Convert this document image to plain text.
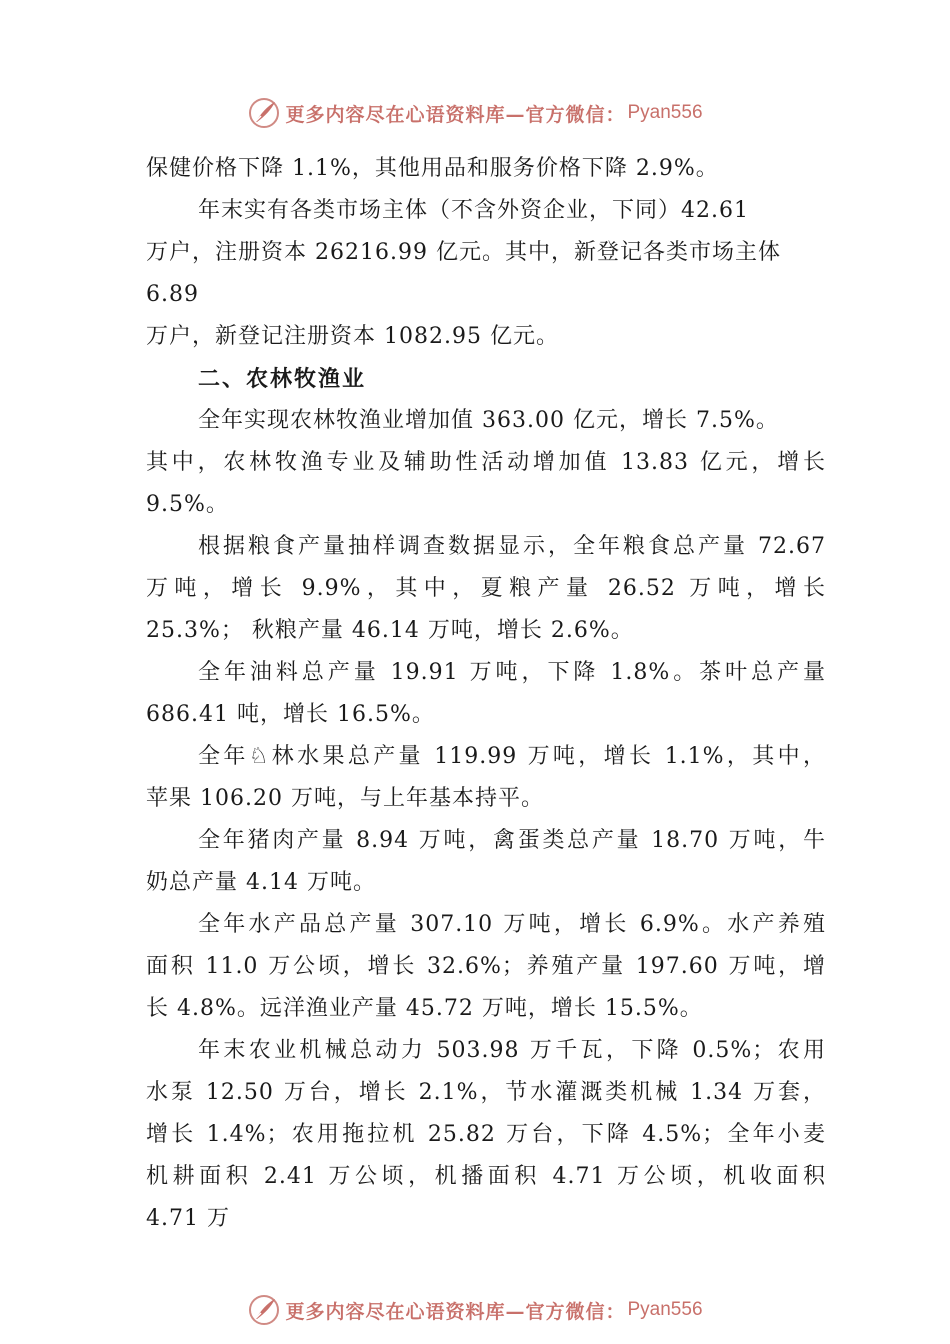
更多内容尽在心语资料库—官方微信： Pyan556
保健价格下降 1.1%，其他用品和服务价格下降 2.9%。
年末实有各类市场主体（不含外资企业，下同）42.61
万户，注册资本 26216.99 亿元。其中，新登记各类市场主体
6.89
万户，新登记注册资本 1082.95 亿元。
二、农林牧渔业
全年实现农林牧渔业增加值 363.00 亿元，增长 7.5%。
其中，农林牧渔专业及辅助性活动增加值 13.83 亿元，增长
9.5%。
根据粮食产量抽样调查数据显示，全年粮食总产量 72.67
万吨，增长 9.9%，其中，夏粮产量 26.52 万吨，增长
25.3%； 秋粮产量 46.14 万吨，增长 2.6%。
全年油料总产量 19.91 万吨，下降 1.8%。茶叶总产量
686.41 吨，增长 16.5%。
全年♘林水果总产量 119.99 万吨，增长 1.1%，其中，
苹果 106.20 万吨，与上年基本持平。
全年猪肉产量 8.94 万吨，禽蛋类总产量 18.70 万吨，牛
奶总产量 4.14 万吨。
全年水产品总产量 307.10 万吨，增长 6.9%。水产养殖
面积 11.0 万公顷，增长 32.6%；养殖产量 197.60 万吨，增
长 4.8%。远洋渔业产量 45.72 万吨，增长 15.5%。
年末农业机械总动力 503.98 万千瓦，下降 0.5%；农用
水泵 12.50 万台，增长 2.1%，节水灌溉类机械 1.34 万套，
增长 1.4%；农用拖拉机 25.82 万台，下降 4.5%；全年小麦
机耕面积 2.41 万公顷，机播面积 4.71 万公顷，机收面积
4.71 万
更多内容尽在心语资料库—官方微信： Pyan556
